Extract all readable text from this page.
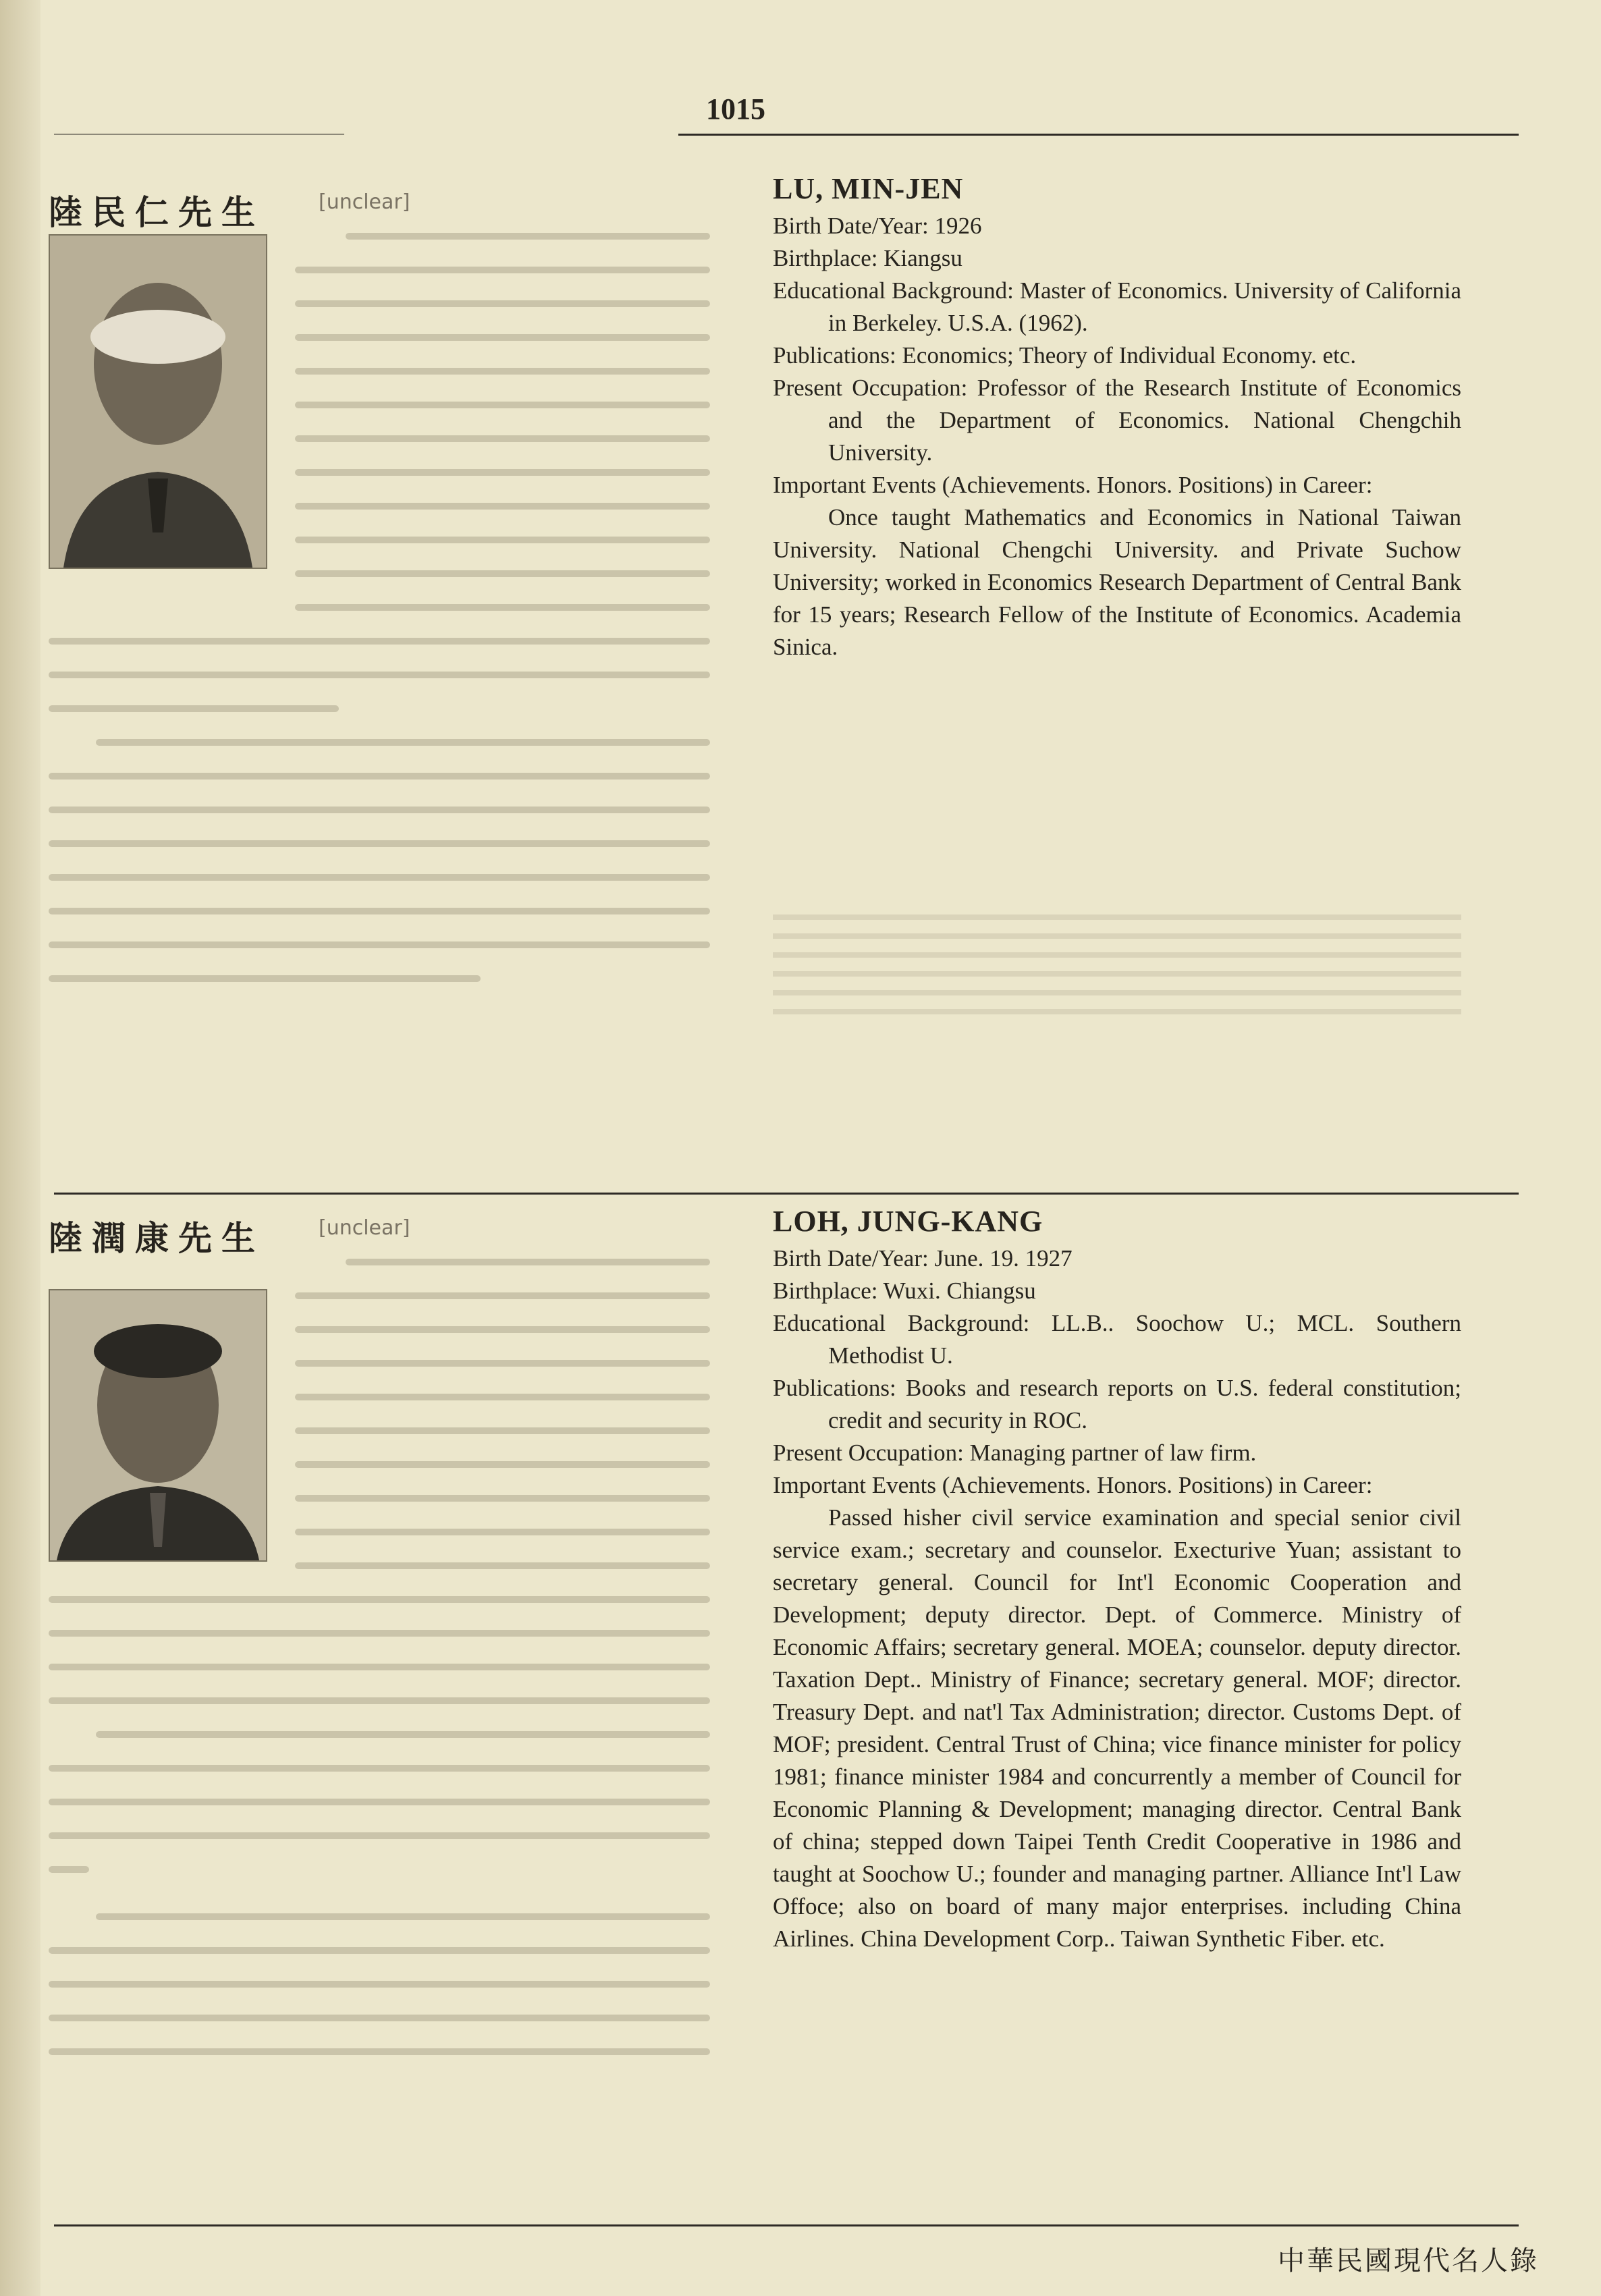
1015
陸民仁先生	[unclear]	LU, MIN-JEN
Birth Date/Year: 1926
Birthplace: Kiangsu
Educational Background: Master of Economics. University of California in Berkeley. U.S.A. (1962).
Publications: Economics; Theory of Individual Economy. etc.
Present Occupation: Professor of the Research Institute of Economics and the Department of Economics. National Chengchih University.
Important Events (Achievements. Honors. Positions) in Career:
Once taught Mathematics and Economics in National Taiwan University. National Chengchi University. and Private Suchow University; worked in Economics Research Department of Central Bank for 15 years; Research Fellow of the Institute of Economics. Academia Sinica.
陸潤康先生	[unclear]	LOH, JUNG-KANG
Birth Date/Year: June. 19. 1927
Birthplace: Wuxi. Chiangsu
Educational Background: LL.B.. Soochow U.; MCL. Southern Methodist U.
Publications: Books and research reports on U.S. federal constitution; credit and security in ROC.
Present Occupation: Managing partner of law firm.
Important Events (Achievements. Honors. Positions) in Career:
Passed hisher civil service examination and special senior civil service exam.; secretary and counselor. Execturive Yuan; assistant to secretary general. Council for Int'l Economic Cooperation and Development; deputy director. Dept. of Commerce. Ministry of Economic Affairs; secretary general. MOEA; counselor. deputy director. Taxation Dept.. Ministry of Finance; secretary general. MOF; director. Treasury Dept. and nat'l Tax Administration; director. Customs Dept. of MOF; president. Central Trust of China; vice finance minister for policy 1981; finance minister 1984 and concurrently a member of Council for Economic Planning & Development; managing director. Central Bank of china; stepped down Taipei Tenth Credit Cooperative in 1986 and taught at Soochow U.; founder and managing partner. Alliance Int'l Law Offoce; also on board of many major enterprises. including China Airlines. China Development Corp.. Taiwan Synthetic Fiber. etc.
中華民國現代名人錄
